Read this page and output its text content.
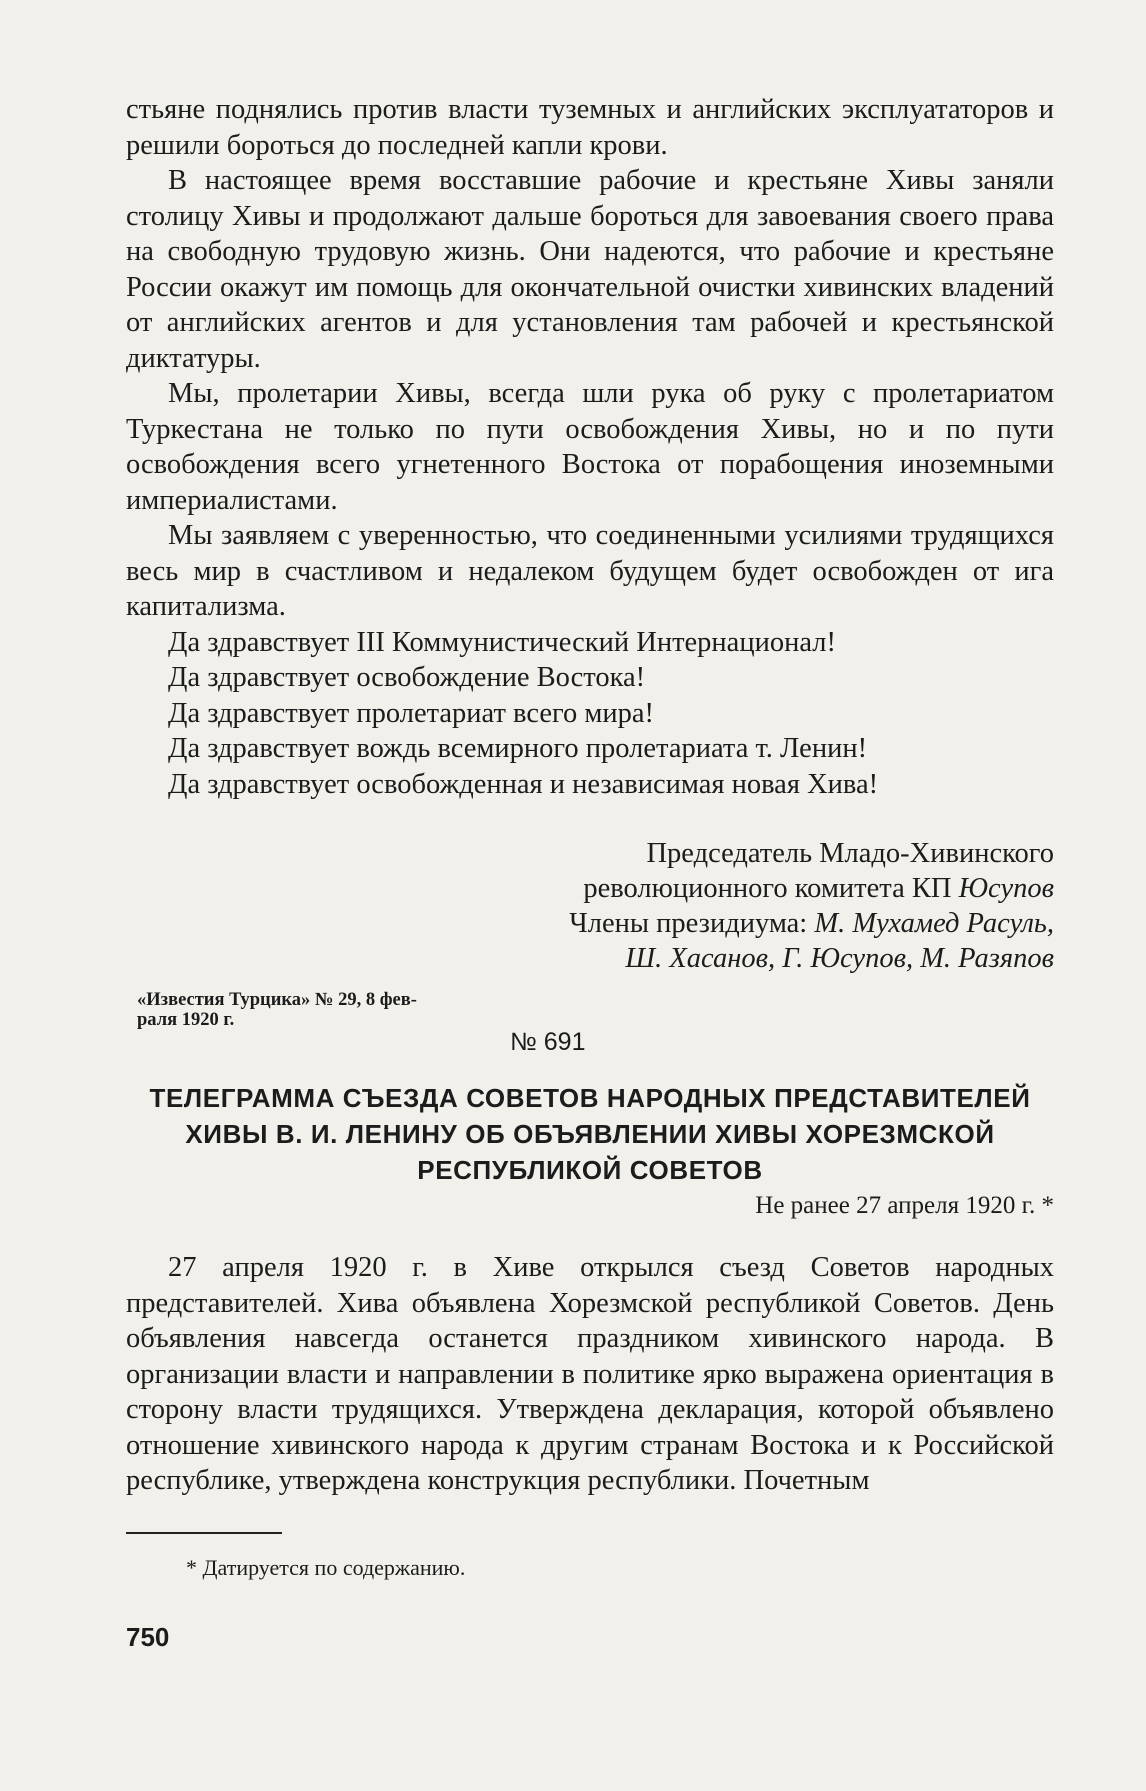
стьяне поднялись против власти туземных и английских эксплуататоров и решили бороться до последней капли крови.

В настоящее время восставшие рабочие и крестьяне Хивы заняли столицу Хивы и продолжают дальше бороться для завоевания своего права на свободную трудовую жизнь. Они надеются, что рабочие и крестьяне России окажут им помощь для окончательной очистки хивинских владений от английских агентов и для установления там рабочей и крестьянской диктатуры.

Мы, пролетарии Хивы, всегда шли рука об руку с пролетариатом Туркестана не только по пути освобождения Хивы, но и по пути освобождения всего угнетенного Востока от порабощения иноземными империалистами.

Мы заявляем с уверенностью, что соединенными усилиями трудящихся весь мир в счастливом и недалеком будущем будет освобожден от ига капитализма.

Да здравствует III Коммунистический Интернационал!

Да здравствует освобождение Востока!

Да здравствует пролетариат всего мира!

Да здравствует вождь всемирного пролетариата т. Ленин!

Да здравствует освобожденная и независимая новая Хива!

Председатель Младо-Хивинского
революционного комитета КП Юсупов
Члены президиума: М. Мухамед Расуль,
Ш. Хасанов, Г. Юсупов, М. Разяпов
«Известия Турцика» № 29, 8 фев-
раля 1920 г.
№ 691
ТЕЛЕГРАММА СЪЕЗДА СОВЕТОВ НАРОДНЫХ ПРЕДСТАВИТЕЛЕЙ
ХИВЫ В. И. ЛЕНИНУ ОБ ОБЪЯВЛЕНИИ ХИВЫ ХОРЕЗМСКОЙ
РЕСПУБЛИКОЙ СОВЕТОВ
Не ранее 27 апреля 1920 г. *

27 апреля 1920 г. в Хиве открылся съезд Советов народных представителей. Хива объявлена Хорезмской республикой Советов. День объявления навсегда останется праздником хивинского народа. В организации власти и направлении в политике ярко выражена ориентация в сторону власти трудящихся. Утверждена декларация, которой объявлено отношение хивинского народа к другим странам Востока и к Российской республике, утверждена конструкция республики. Почетным

* Датируется по содержанию.
750
